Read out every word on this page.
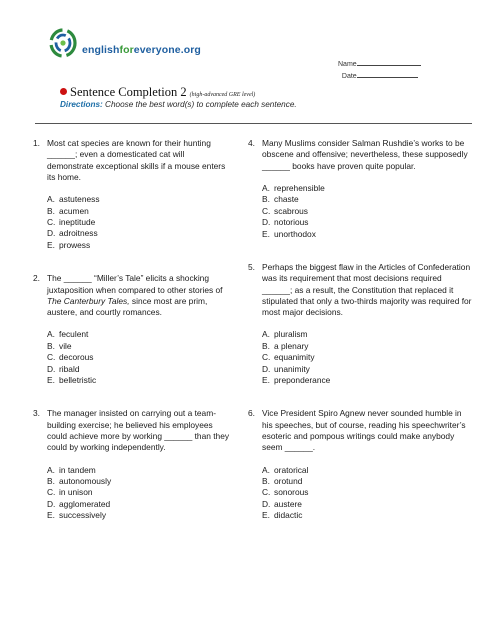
englishforeveryone.org
Name
Date
Sentence Completion 2 (high-advanced GRE level)
Directions: Choose the best word(s) to complete each sentence.
1. Most cat species are known for their hunting ______; even a domesticated cat will demonstrate exceptional skills if a mouse enters its home.
A. astuteness
B. acumen
C. ineptitude
D. adroitness
E. prowess
2. The ______ “Miller’s Tale” elicits a shocking juxtaposition when compared to other stories of The Canterbury Tales, since most are prim, austere, and courtly romances.
A. feculent
B. vile
C. decorous
D. ribald
E. belletristic
3. The manager insisted on carrying out a team-building exercise; he believed his employees could achieve more by working ______ than they could by working independently.
A. in tandem
B. autonomously
C. in unison
D. agglomerated
E. successively
4. Many Muslims consider Salman Rushdie’s works to be obscene and offensive; nevertheless, these supposedly ______ books have proven quite popular.
A. reprehensible
B. chaste
C. scabrous
D. notorious
E. unorthodox
5. Perhaps the biggest flaw in the Articles of Confederation was its requirement that most decisions required ______; as a result, the Constitution that replaced it stipulated that only a two-thirds majority was required for most major decisions.
A. pluralism
B. a plenary
C. equanimity
D. unanimity
E. preponderance
6. Vice President Spiro Agnew never sounded humble in his speeches, but of course, reading his speechwriter’s esoteric and pompous writings could make anybody seem ______.
A. oratorical
B. orotund
C. sonorous
D. austere
E. didactic
